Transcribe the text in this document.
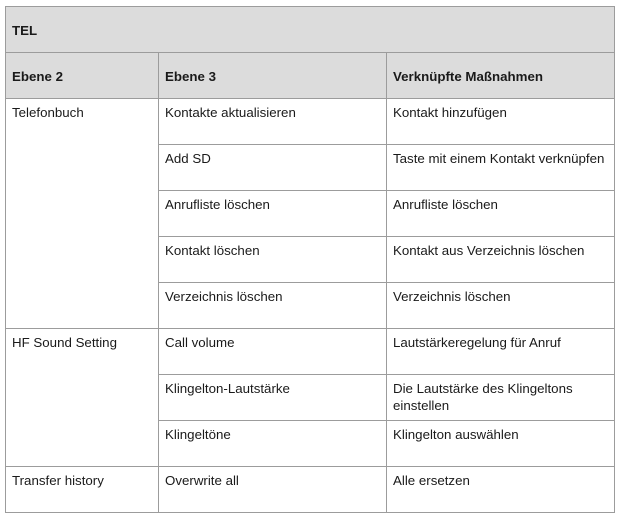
TEL		
Ebene 2	Ebene 3	Verknüpfte Maßnahmen
Telefonbuch	Kontakte aktualisieren	Kontakt hinzufügen
	Add SD	Taste mit einem Kontakt verknüpfen
	Anrufliste löschen	Anrufliste löschen
	Kontakt löschen	Kontakt aus Verzeichnis löschen
	Verzeichnis löschen	Verzeichnis löschen
HF Sound Setting	Call volume	Lautstärkeregelung für Anruf
	Klingelton-Lautstärke	Die Lautstärke des Klingeltons einstellen
	Klingeltöne	Klingelton auswählen
Transfer history	Overwrite all	Alle ersetzen
